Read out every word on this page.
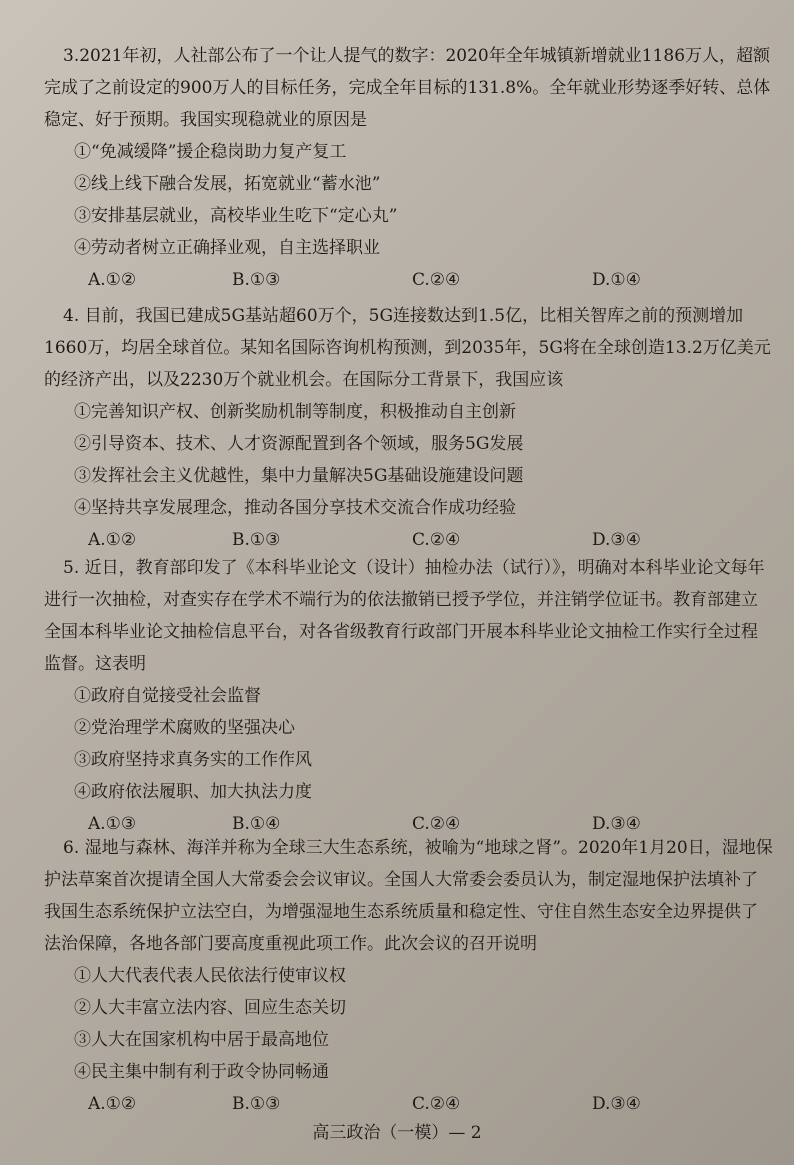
3.2021年初，人社部公布了一个让人提气的数字：2020年全年城镇新增就业1186万人，超额完成了之前设定的900万人的目标任务，完成全年目标的131.8%。全年就业形势逐季好转、总体稳定、好于预期。我国实现稳就业的原因是

①“免减缓降”援企稳岗助力复产复工

②线上线下融合发展，拓宽就业“蓄水池”

③安排基层就业，高校毕业生吃下“定心丸”

④劳动者树立正确择业观，自主选择职业

A.①②	B.①③	C.②④	D.①④

4. 目前，我国已建成5G基站超60万个，5G连接数达到1.5亿，比相关智库之前的预测增加1660万，均居全球首位。某知名国际咨询机构预测，到2035年，5G将在全球创造13.2万亿美元的经济产出，以及2230万个就业机会。在国际分工背景下，我国应该

①完善知识产权、创新奖励机制等制度，积极推动自主创新

②引导资本、技术、人才资源配置到各个领域，服务5G发展

③发挥社会主义优越性，集中力量解决5G基础设施建设问题

④坚持共享发展理念，推动各国分享技术交流合作成功经验

A.①②	B.①③	C.②④	D.③④

5. 近日，教育部印发了《本科毕业论文（设计）抽检办法（试行）》，明确对本科毕业论文每年进行一次抽检，对查实存在学术不端行为的依法撤销已授予学位，并注销学位证书。教育部建立全国本科毕业论文抽检信息平台，对各省级教育行政部门开展本科毕业论文抽检工作实行全过程监督。这表明

①政府自觉接受社会监督

②党治理学术腐败的坚强决心

③政府坚持求真务实的工作作风

④政府依法履职、加大执法力度

A.①③	B.①④	C.②④	D.③④

6. 湿地与森林、海洋并称为全球三大生态系统，被喻为“地球之肾”。2020年1月20日，湿地保护法草案首次提请全国人大常委会会议审议。全国人大常委会委员认为，制定湿地保护法填补了我国生态系统保护立法空白，为增强湿地生态系统质量和稳定性、守住自然生态安全边界提供了法治保障，各地各部门要高度重视此项工作。此次会议的召开说明

①人大代表代表人民依法行使审议权

②人大丰富立法内容、回应生态关切

③人大在国家机构中居于最高地位

④民主集中制有利于政令协同畅通

A.①②	B.①③	C.②④	D.③④
高三政治（一模）— 2
